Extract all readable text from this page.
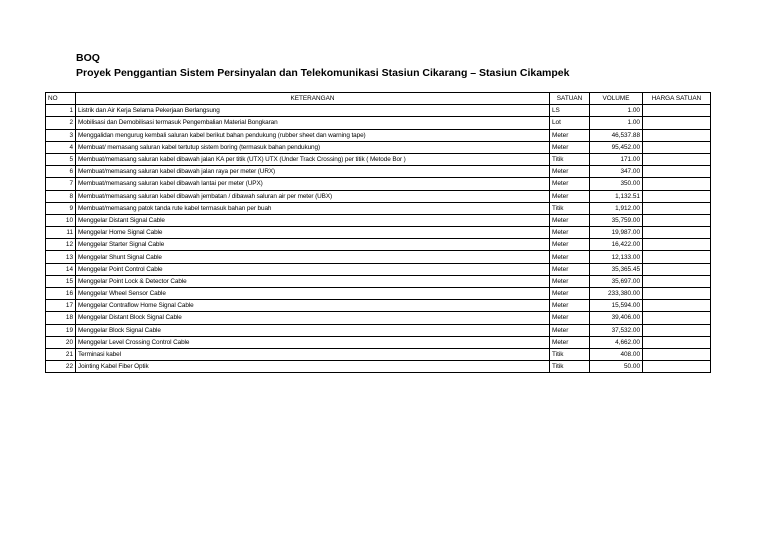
BOQ
Proyek Penggantian Sistem Persinyalan dan Telekomunikasi Stasiun Cikarang – Stasiun Cikampek
NO	KETERANGAN	SATUAN	VOLUME	HARGA SATUAN
1	Listrik dan Air Kerja Selama Pekerjaan Berlangsung	LS	1.00	
2	Mobilisasi dan Demobilisasi termasuk Pengembalian Material Bongkaran	Lot	1.00	
3	Menggalidan mengurug kembali saluran kabel berikut bahan pendukung (rubber sheet dan warning tape)	Meter	46,537.88	
4	Membuat/ memasang saluran kabel tertutup sistem boring (termasuk bahan pendukung)	Meter	95,452.00	
5	Membuat/memasang saluran kabel dibawah jalan KA per titik (UTX) UTX (Under Track Crossing) per titik ( Metode Bor )	Titik	171.00	
6	Membuat/memasang saluran kabel dibawah jalan raya per meter (URX)	Meter	347.00	
7	Membuat/memasang saluran kabel dibawah lantai per meter (UPX)	Meter	350.00	
8	Membuat/memasang saluran kabel dibawah jembatan / dibawah saluran air per meter (UBX)	Meter	1,132.51	
9	Membuat/memasang patok tanda rute kabel termasuk bahan per buah	Titik	1,912.00	
10	Menggelar Distant Signal Cable	Meter	35,759.00	
11	Menggelar Home Signal Cable	Meter	19,987.00	
12	Menggelar Starter Signal Cable	Meter	16,422.00	
13	Menggelar Shunt Signal Cable	Meter	12,133.00	
14	Menggelar Point Control Cable	Meter	35,365.45	
15	Menggelar Point Lock & Detector Cable	Meter	35,697.00	
16	Menggelar Wheel Sensor Cable	Meter	233,380.00	
17	Menggelar Contraflow Home Signal Cable	Meter	15,594.00	
18	Menggelar Distant Block Signal Cable	Meter	39,406.00	
19	Menggelar Block Signal Cable	Meter	37,532.00	
20	Menggelar Level Crossing Control Cable	Meter	4,662.00	
21	Terminasi kabel	Titik	408.00	
22	Jointing Kabel Fiber Optik	Titik	50.00	
